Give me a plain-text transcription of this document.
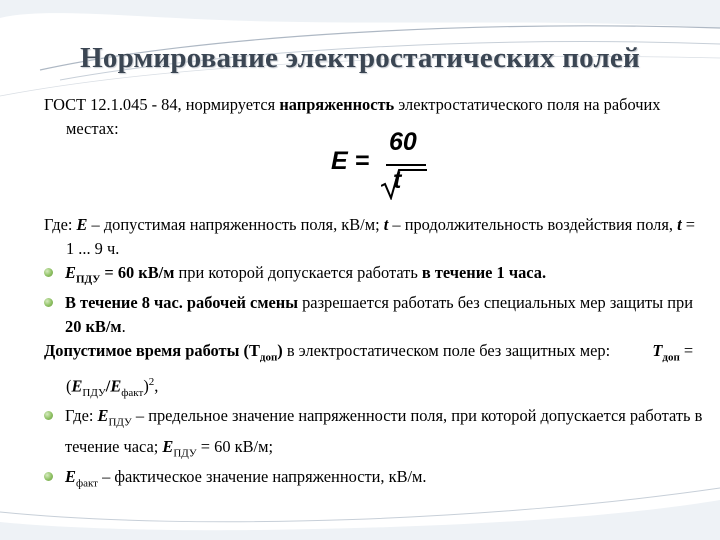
Нормирование электростатических полей
E =
60
t

ГОСТ 12.1.045 - 84, нормируется напряженность электростатического поля на рабочих местах:

Где: E – допустимая напряженность поля, кВ/м; t – продолжительность воздействия поля, t = 1 ... 9 ч.

$E_{ПДУ} = 60$ кВ/м при которой допускается работать в течение 1 часа.

В течение 8 час. рабочей смены разрешается работать без специальных мер защиты при 20 кВ/м.

Допустимое время работы $(Т_{доп})$ в электростатическом поле без защитных мер:	$Т_{доп} = (Е_{ПДУ}/Е_{факт})^2$,

Где: $Е_{ПДУ}$ – предельное значение напряженности поля, при которой допускается работать в течение часа; $Е_{ПДУ} = 60$ кВ/м;

$Е_{факт}$ – фактическое значение напряженности, кВ/м.
